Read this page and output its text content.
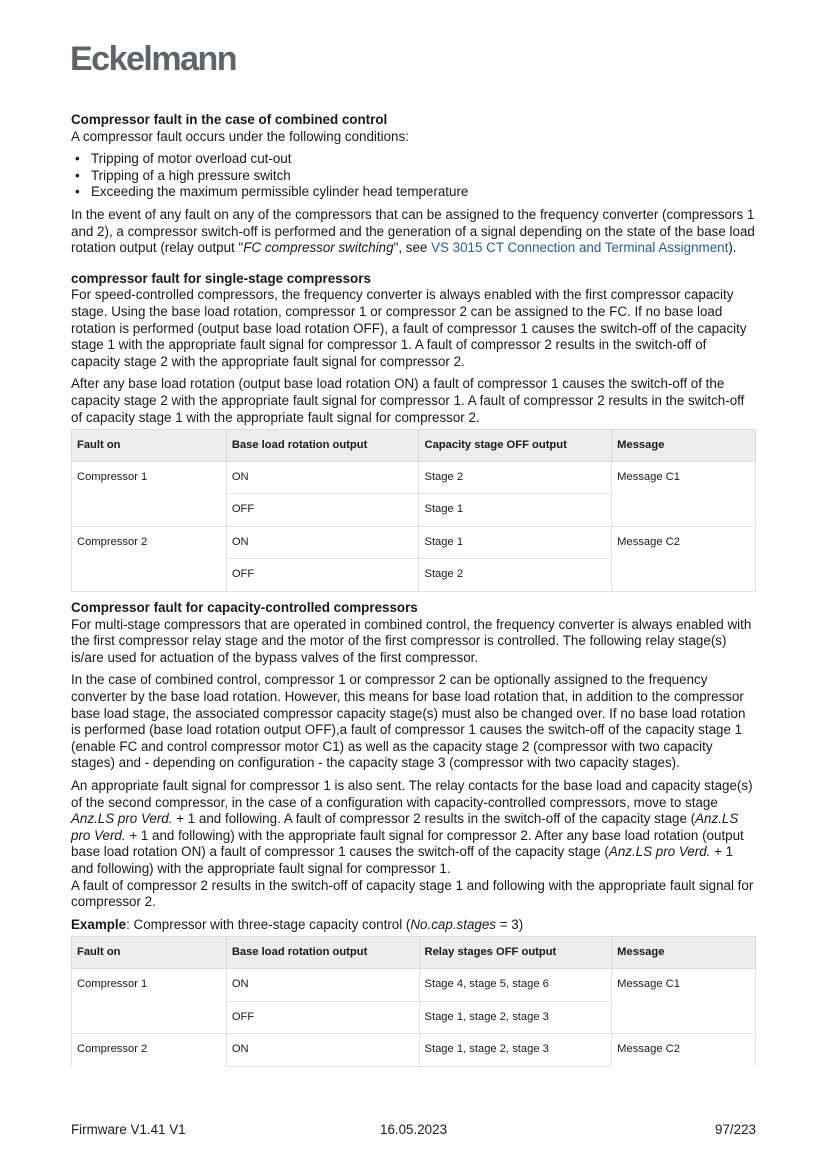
Eckelmann

Compressor fault in the case of combined control

A compressor fault occurs under the following conditions:

• Tripping of motor overload cut-out
• Tripping of a high pressure switch
• Exceeding the maximum permissible cylinder head temperature

In the event of any fault on any of the compressors that can be assigned to the frequency converter (compressors 1 and 2), a compressor switch-off is performed and the generation of a signal depending on the state of the base load rotation output (relay output "FC compressor switching", see VS 3015 CT Connection and Terminal Assignment).

compressor fault for single-stage compressors

For speed-controlled compressors, the frequency converter is always enabled with the first compressor capacity stage. Using the base load rotation, compressor 1 or compressor 2 can be assigned to the FC. If no base load rotation is performed (output base load rotation OFF), a fault of compressor 1 causes the switch-off of the capacity stage 1 with the appropriate fault signal for compressor 1. A fault of compressor 2 results in the switch-off of capacity stage 2 with the appropriate fault signal for compressor 2.

After any base load rotation (output base load rotation ON) a fault of compressor 1 causes the switch-off of the capacity stage 2 with the appropriate fault signal for compressor 1. A fault of compressor 2 results in the switch-off of capacity stage 1 with the appropriate fault signal for compressor 2.

Fault on	Base load rotation output	Capacity stage OFF output	Message
Compressor 1	ON	Stage 2	Message C1
	OFF	Stage 1	
Compressor 2	ON	Stage 1	Message C2
	OFF	Stage 2	

Compressor fault for capacity-controlled compressors

For multi-stage compressors that are operated in combined control, the frequency converter is always enabled with the first compressor relay stage and the motor of the first compressor is controlled. The following relay stage(s) is/are used for actuation of the bypass valves of the first compressor.

In the case of combined control, compressor 1 or compressor 2 can be optionally assigned to the frequency converter by the base load rotation. However, this means for base load rotation that, in addition to the compressor base load stage, the associated compressor capacity stage(s) must also be changed over. If no base load rotation is performed (base load rotation output OFF),a fault of compressor 1 causes the switch-off of the capacity stage 1 (enable FC and control compressor motor C1) as well as the capacity stage 2 (compressor with two capacity stages) and - depending on configuration - the capacity stage 3 (compressor with two capacity stages).

An appropriate fault signal for compressor 1 is also sent. The relay contacts for the base load and capacity stage(s) of the second compressor, in the case of a configuration with capacity-controlled compressors, move to stage Anz.LS pro Verd. + 1 and following. A fault of compressor 2 results in the switch-off of the capacity stage (Anz.LS pro Verd. + 1 and following) with the appropriate fault signal for compressor 2. After any base load rotation (output base load rotation ON) a fault of compressor 1 causes the switch-off of the capacity stage (Anz.LS pro Verd. + 1 and following) with the appropriate fault signal for compressor 1.

A fault of compressor 2 results in the switch-off of capacity stage 1 and following with the appropriate fault signal for compressor 2.

Example: Compressor with three-stage capacity control (No.cap.stages = 3)

Fault on	Base load rotation output	Relay stages OFF output	Message
Compressor 1	ON	Stage 4, stage 5, stage 6	Message C1
	OFF	Stage 1, stage 2, stage 3	
Compressor 2	ON	Stage 1, stage 2, stage 3	Message C2
Firmware V1.41 V1	16.05.2023	97/223
